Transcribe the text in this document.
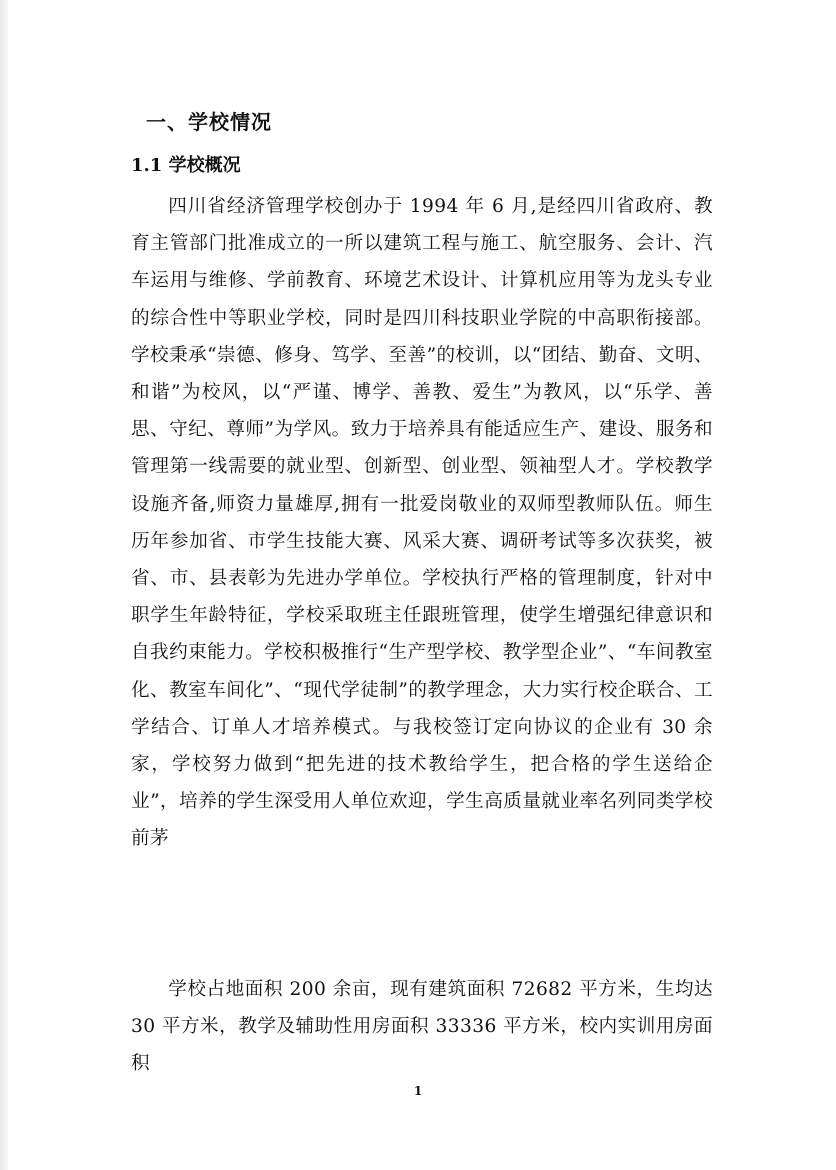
一、学校情况
1.1 学校概况

四川省经济管理学校创办于 1994 年 6 月,是经四川省政府、教育主管部门批准成立的一所以建筑工程与施工、航空服务、会计、汽车运用与维修、学前教育、环境艺术设计、计算机应用等为龙头专业的综合性中等职业学校，同时是四川科技职业学院的中高职衔接部。学校秉承“崇德、修身、笃学、至善”的校训，以“团结、勤奋、文明、和谐”为校风，以“严谨、博学、善教、爱生”为教风，以“乐学、善思、守纪、尊师”为学风。致力于培养具有能适应生产、建设、服务和管理第一线需要的就业型、创新型、创业型、领袖型人才。学校教学设施齐备,师资力量雄厚,拥有一批爱岗敬业的双师型教师队伍。师生历年参加省、市学生技能大赛、风采大赛、调研考试等多次获奖，被省、市、县表彰为先进办学单位。学校执行严格的管理制度，针对中职学生年龄特征，学校采取班主任跟班管理，使学生增强纪律意识和自我约束能力。学校积极推行“生产型学校、教学型企业”、“车间教室化、教室车间化”、“现代学徒制”的教学理念，大力实行校企联合、工学结合、订单人才培养模式。与我校签订定向协议的企业有 30 余家，学校努力做到“把先进的技术教给学生，把合格的学生送给企业”，培养的学生深受用人单位欢迎，学生高质量就业率名列同类学校前茅

学校占地面积 200 余亩，现有建筑面积 72682 平方米，生均达 30 平方米，教学及辅助性用房面积 33336 平方米，校内实训用房面积

1
